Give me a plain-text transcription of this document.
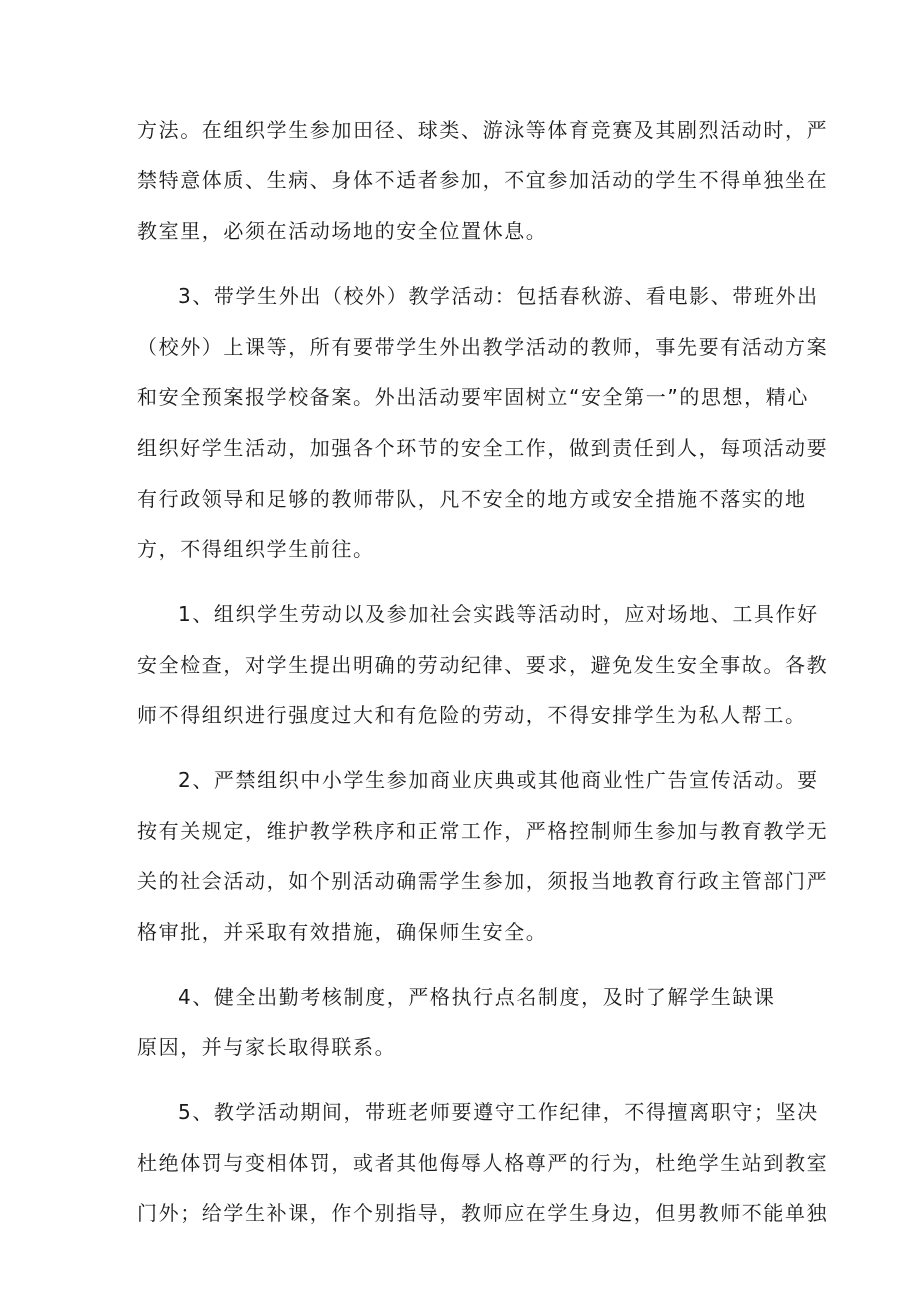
方法。在组织学生参加田径、球类、游泳等体育竞赛及其剧烈活动时，严
禁特意体质、生病、身体不适者参加，不宜参加活动的学生不得单独坐在
教室里，必须在活动场地的安全位置休息。
3、带学生外出（校外）教学活动：包括春秋游、看电影、带班外出
（校外）上课等，所有要带学生外出教学活动的教师，事先要有活动方案
和安全预案报学校备案。外出活动要牢固树立“安全第一”的思想，精心
组织好学生活动，加强各个环节的安全工作，做到责任到人，每项活动要
有行政领导和足够的教师带队，凡不安全的地方或安全措施不落实的地
方，不得组织学生前往。
1、组织学生劳动以及参加社会实践等活动时，应对场地、工具作好
安全检查，对学生提出明确的劳动纪律、要求，避免发生安全事故。各教
师不得组织进行强度过大和有危险的劳动，不得安排学生为私人帮工。
2、严禁组织中小学生参加商业庆典或其他商业性广告宣传活动。要
按有关规定，维护教学秩序和正常工作，严格控制师生参加与教育教学无
关的社会活动，如个别活动确需学生参加，须报当地教育行政主管部门严
格审批，并采取有效措施，确保师生安全。
4、健全出勤考核制度，严格执行点名制度，及时了解学生缺课
原因，并与家长取得联系。
5、教学活动期间，带班老师要遵守工作纪律，不得擅离职守；坚决
杜绝体罚与变相体罚，或者其他侮辱人格尊严的行为，杜绝学生站到教室
门外；给学生补课，作个别指导，教师应在学生身边，但男教师不能单独
